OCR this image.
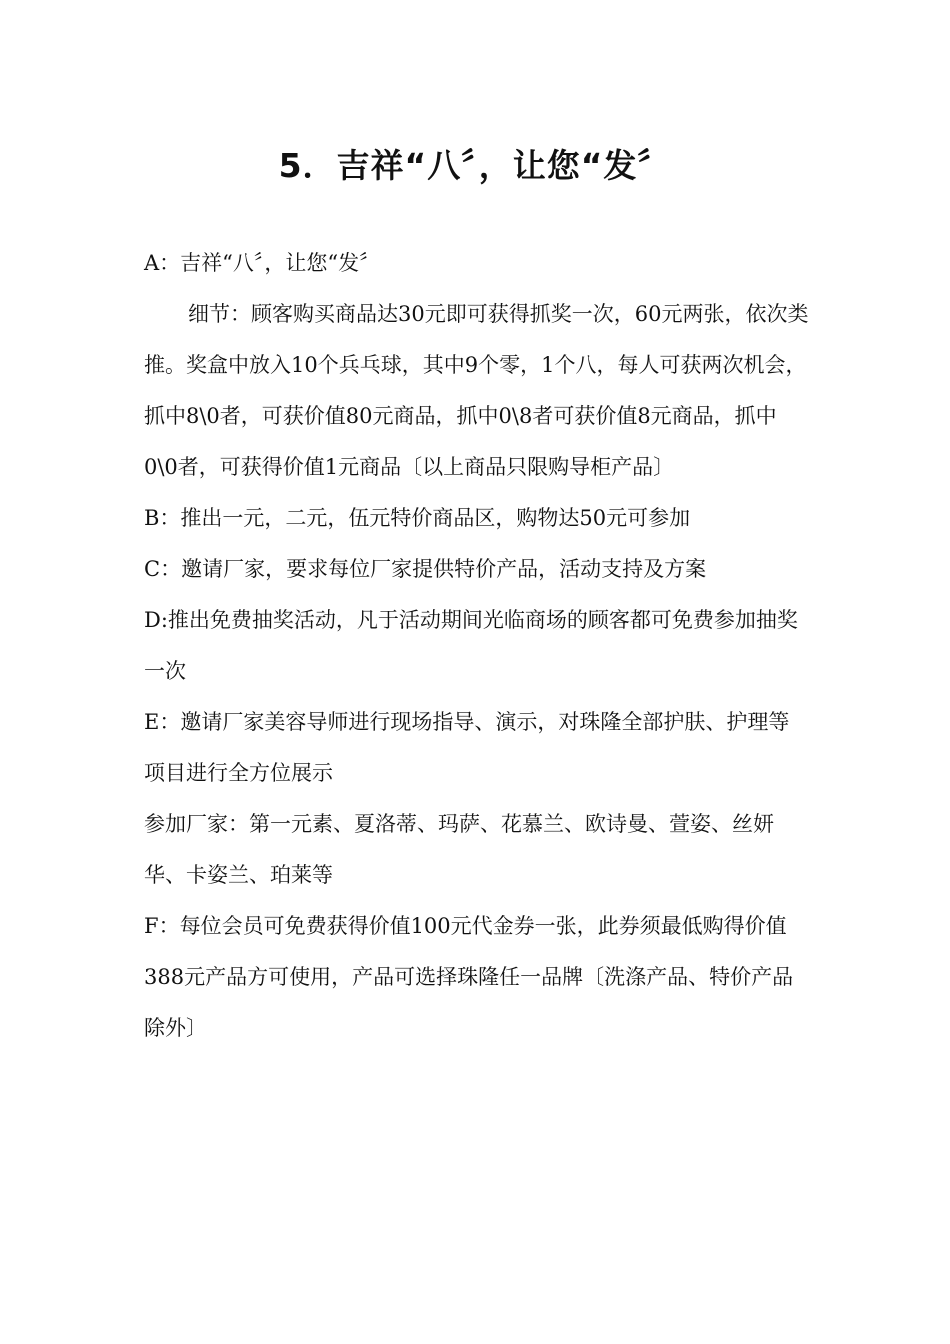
5．吉祥“八〞，让您“发〞

A：吉祥“八〞，让您“发〞

细节：顾客购买商品达30元即可获得抓奖一次，60元两张，依次类推。奖盒中放入10个兵乓球，其中9个零，1个八，每人可获两次机会，抓中8\0者，可获价值80元商品，抓中0\8者可获价值8元商品，抓中0\0者，可获得价值1元商品〔以上商品只限购导柜产品〕

B：推出一元，二元，伍元特价商品区，购物达50元可参加

C：邀请厂家，要求每位厂家提供特价产品，活动支持及方案

D:推出免费抽奖活动，凡于活动期间光临商场的顾客都可免费参加抽奖一次

E：邀请厂家美容导师进行现场指导、演示，对珠隆全部护肤、护理等项目进行全方位展示

参加厂家：第一元素、夏洛蒂、玛萨、花慕兰、欧诗曼、萱姿、丝妍华、卡姿兰、珀莱等

F：每位会员可免费获得价值100元代金券一张，此券须最低购得价值388元产品方可使用，产品可选择珠隆任一品牌〔洗涤产品、特价产品除外〕
